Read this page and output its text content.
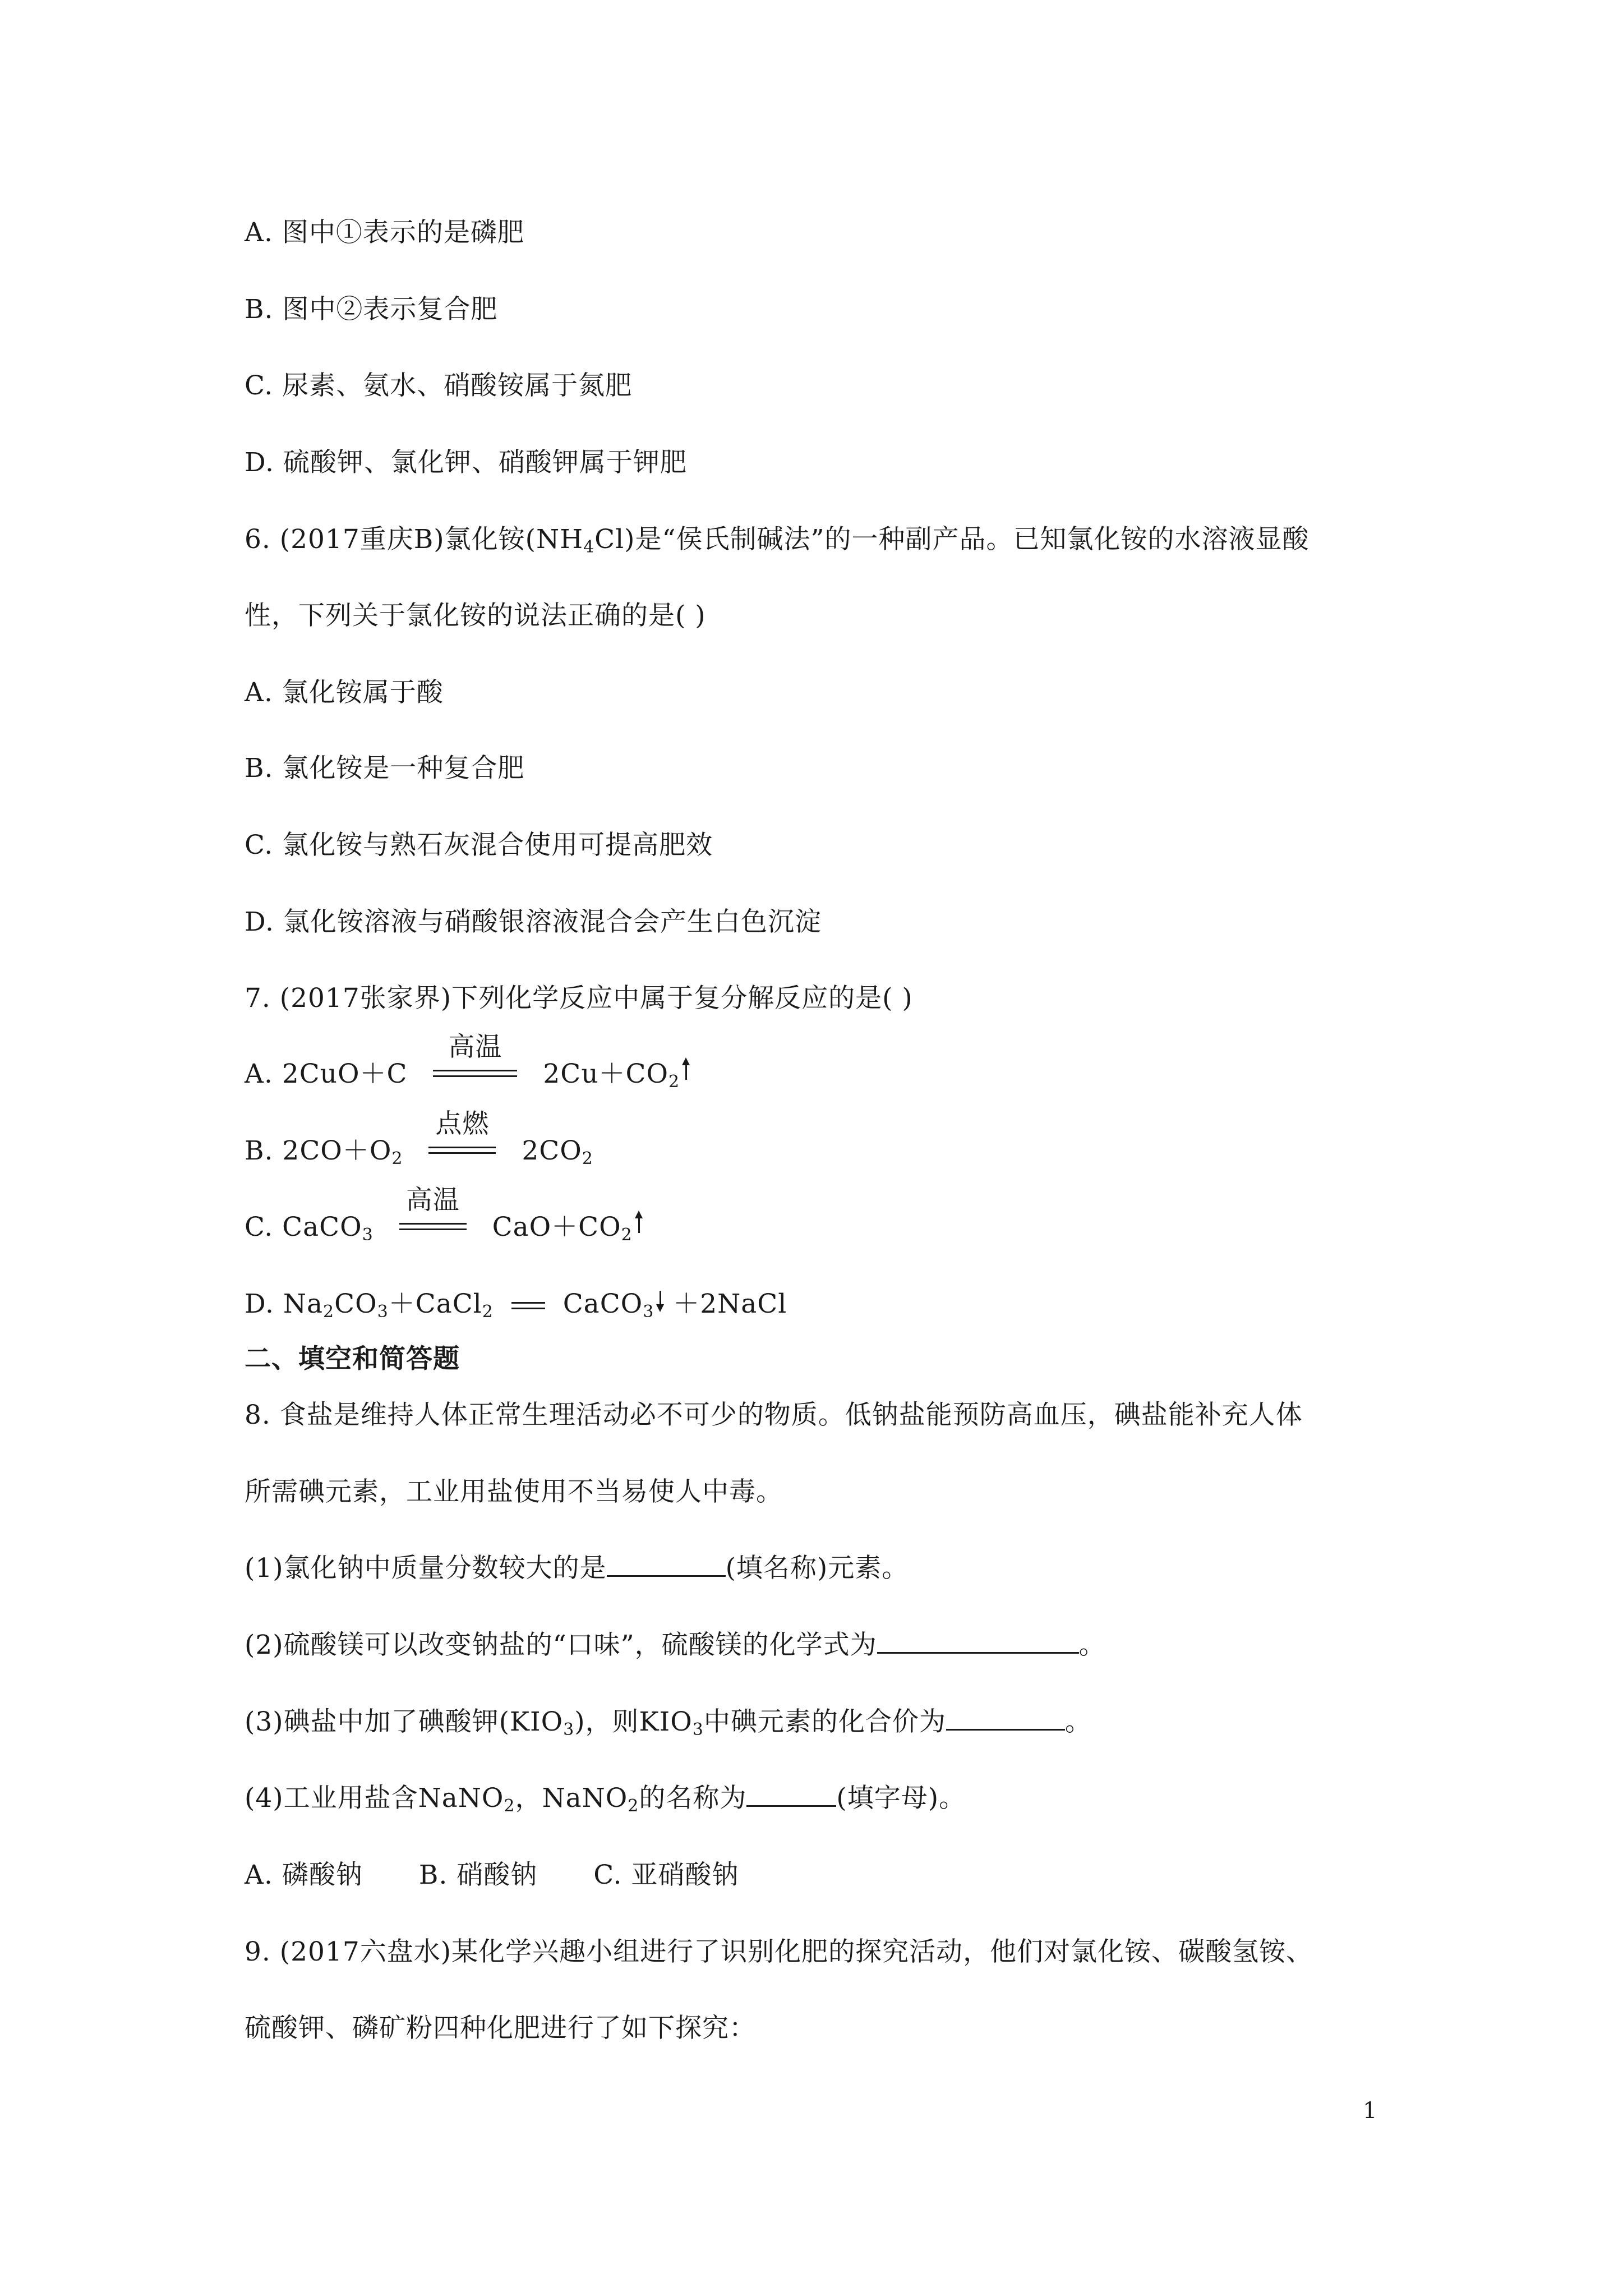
A. 图中①表示的是磷肥
B. 图中②表示复合肥
C. 尿素、氨水、硝酸铵属于氮肥
D. 硫酸钾、氯化钾、硝酸钾属于钾肥
6. (2017重庆B)氯化铵$(NH_4Cl)$是“侯氏制碱法”的一种副产品。已知氯化铵的水溶液显酸
性，下列关于氯化铵的说法正确的是( )
A. 氯化铵属于酸
B. 氯化铵是一种复合肥
C. 氯化铵与熟石灰混合使用可提高肥效
D. 氯化铵溶液与硝酸银溶液混合会产生白色沉淀
7. (2017张家界)下列化学反应中属于复分解反应的是( )
A. 2CuO＋C
高温
$2Cu+CO_2$
B. $2CO+O_2$
点燃
$2CO_2$
C. CaCO$_3$
高温
$CaO+CO_2$
D. $Na_2CO_3+CaCl_2$	CaCO$_3$ ＋2NaCl
二、填空和简答题
8. 食盐是维持人体正常生理活动必不可少的物质。低钠盐能预防高血压，碘盐能补充人体
所需碘元素，工业用盐使用不当易使人中毒。
(1)氯化钠中质量分数较大的是	(填名称)元素。
(2)硫酸镁可以改变钠盐的“口味”，硫酸镁的化学式为	。
(3)碘盐中加了碘酸钾$(KIO_3)$，则$KIO_3$中碘元素的化合价为	。
(4)工业用盐含NaNO$_2$，NaNO$_2$的名称为	(填字母)。
A. 磷酸钠 B. 硝酸钠 C. 亚硝酸钠
9. (2017六盘水)某化学兴趣小组进行了识别化肥的探究活动，他们对氯化铵、碳酸氢铵、
硫酸钾、磷矿粉四种化肥进行了如下探究：
1
